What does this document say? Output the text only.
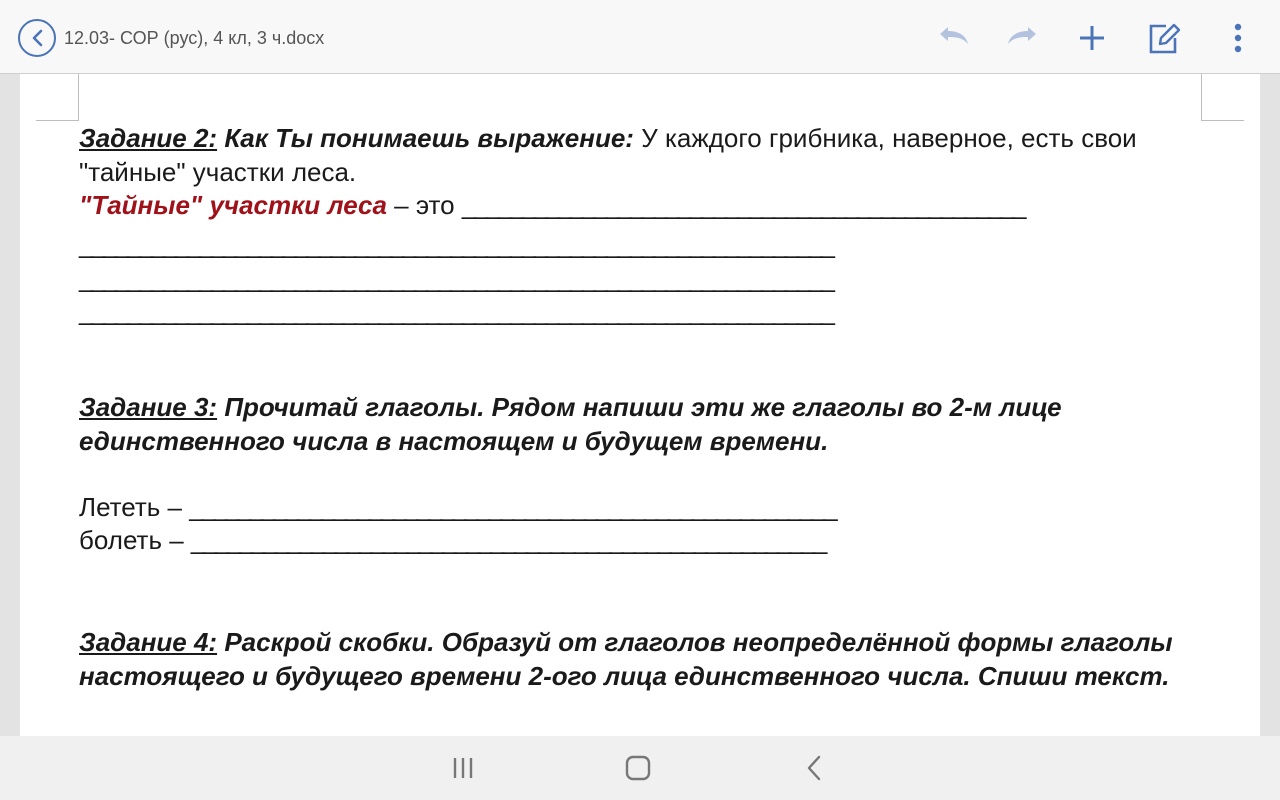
12.03- СОР (рус), 4 кл, 3 ч.docx
Задание 2: Как Ты понимаешь выражение: У каждого грибника, наверное, есть свои
"тайные" участки леса.
"Тайные" участки леса – это _______________________________________________
_______________________________________________________________
_______________________________________________________________
_______________________________________________________________
Задание 3: Прочитай глаголы. Рядом напиши эти же глаголы во 2-м лице
единственного числа в настоящем и будущем времени.
Лететь – ______________________________________________________
болеть – _____________________________________________________
Задание 4: Раскрой скобки. Образуй от глаголов неопределённой формы глаголы
настоящего и будущего времени 2-ого лица единственного числа. Спиши текст.
